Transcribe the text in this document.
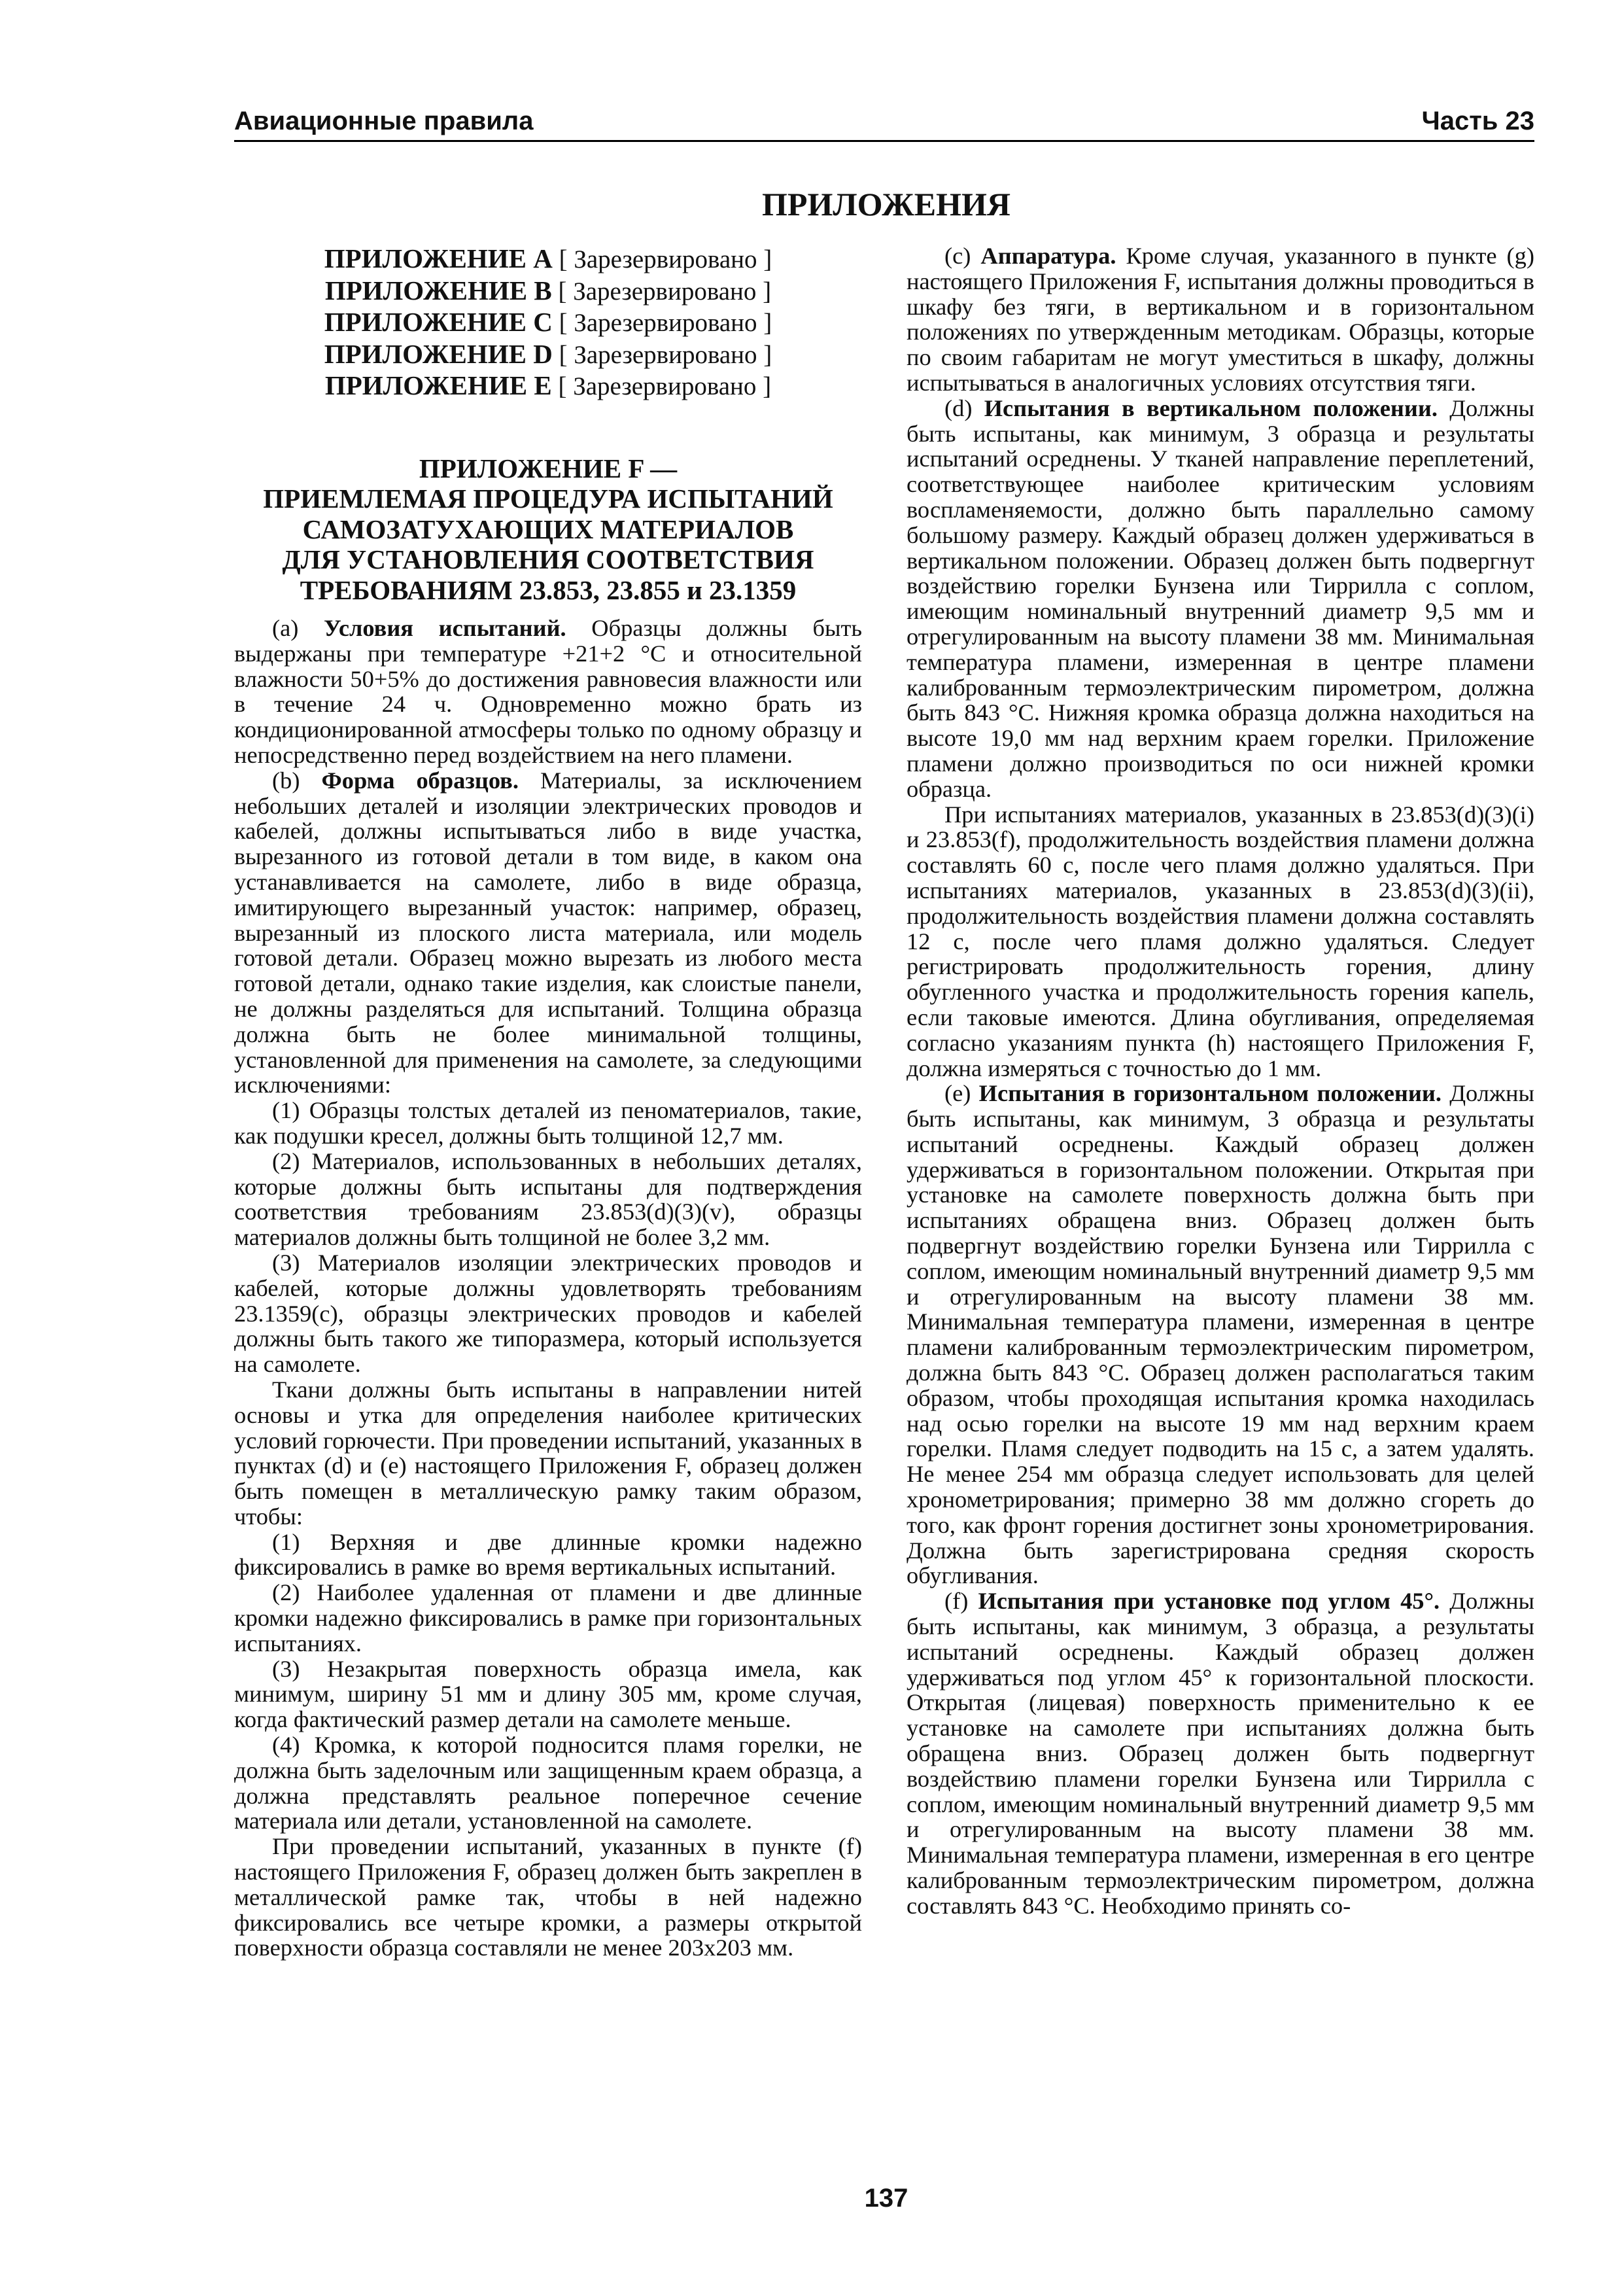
Авиационные правила	Часть 23
ПРИЛОЖЕНИЯ
ПРИЛОЖЕНИЕ A [ Зарезервировано ]
ПРИЛОЖЕНИЕ B [ Зарезервировано ]
ПРИЛОЖЕНИЕ C [ Зарезервировано ]
ПРИЛОЖЕНИЕ D [ Зарезервировано ]
ПРИЛОЖЕНИЕ E [ Зарезервировано ]
ПРИЛОЖЕНИЕ F —
ПРИЕМЛЕМАЯ ПРОЦЕДУРА ИСПЫТАНИЙ
САМОЗАТУХАЮЩИХ МАТЕРИАЛОВ
ДЛЯ УСТАНОВЛЕНИЯ СООТВЕТСТВИЯ
ТРЕБОВАНИЯМ 23.853, 23.855 и 23.1359

(a) Условия испытаний. Образцы должны быть выдержаны при температуре +21+2 °С и относительной влажности 50+5% до достижения равновесия влажности или в течение 24 ч. Одновременно можно брать из кондиционированной атмосферы только по одному образцу и непосредственно перед воздействием на него пламени.

(b) Форма образцов. Материалы, за исключением небольших деталей и изоляции электрических проводов и кабелей, должны испытываться либо в виде участка, вырезанного из готовой детали в том виде, в каком она устанавливается на самолете, либо в виде образца, имитирующего вырезанный участок: например, образец, вырезанный из плоского листа материала, или модель готовой детали. Образец можно вырезать из любого места готовой детали, однако такие изделия, как слоистые панели, не должны разделяться для испытаний. Толщина образца должна быть не более минимальной толщины, установленной для применения на самолете, за следующими исключениями:

(1) Образцы толстых деталей из пеноматериалов, такие, как подушки кресел, должны быть толщиной 12,7 мм.

(2) Материалов, использованных в небольших деталях, которые должны быть испытаны для подтверждения соответствия требованиям 23.853(d)(3)(v), образцы материалов должны быть толщиной не более 3,2 мм.

(3) Материалов изоляции электрических проводов и кабелей, которые должны удовлетворять требованиям 23.1359(c), образцы электрических проводов и кабелей должны быть такого же типоразмера, который используется на самолете.

Ткани должны быть испытаны в направлении нитей основы и утка для определения наиболее критических условий горючести. При проведении испытаний, указанных в пунктах (d) и (e) настоящего Приложения F, образец должен быть помещен в металлическую рамку таким образом, чтобы:

(1) Верхняя и две длинные кромки надежно фиксировались в рамке во время вертикальных испытаний.

(2) Наиболее удаленная от пламени и две длинные кромки надежно фиксировались в рамке при горизонтальных испытаниях.

(3) Незакрытая поверхность образца имела, как минимум, ширину 51 мм и длину 305 мм, кроме случая, когда фактический размер детали на самолете меньше.

(4) Кромка, к которой подносится пламя горелки, не должна быть заделочным или защищенным краем образца, а должна представлять реальное поперечное сечение материала или детали, установленной на самолете.

При проведении испытаний, указанных в пункте (f) настоящего Приложения F, образец должен быть закреплен в металлической рамке так, чтобы в ней надежно фиксировались все четыре кромки, а размеры открытой поверхности образца составляли не менее 203x203 мм.

(c) Аппаратура. Кроме случая, указанного в пункте (g) настоящего Приложения F, испытания должны проводиться в шкафу без тяги, в вертикальном и в горизонтальном положениях по утвержденным методикам. Образцы, которые по своим габаритам не могут уместиться в шкафу, должны испытываться в аналогичных условиях отсутствия тяги.

(d) Испытания в вертикальном положении. Должны быть испытаны, как минимум, 3 образца и результаты испытаний осреднены. У тканей направление переплетений, соответствующее наиболее критическим условиям воспламеняемости, должно быть параллельно самому большому размеру. Каждый образец должен удерживаться в вертикальном положении. Образец должен быть подвергнут воздействию горелки Бунзена или Тиррилла с соплом, имеющим номинальный внутренний диаметр 9,5 мм и отрегулированным на высоту пламени 38 мм. Минимальная температура пламени, измеренная в центре пламени калиброванным термоэлектрическим пирометром, должна быть 843 °С. Нижняя кромка образца должна находиться на высоте 19,0 мм над верхним краем горелки. Приложение пламени должно производиться по оси нижней кромки образца.

При испытаниях материалов, указанных в 23.853(d)(3)(i) и 23.853(f), продолжительность воздействия пламени должна составлять 60 с, после чего пламя должно удаляться. При испытаниях материалов, указанных в 23.853(d)(3)(ii), продолжительность воздействия пламени должна составлять 12 с, после чего пламя должно удаляться. Следует регистрировать продолжительность горения, длину обугленного участка и продолжительность горения капель, если таковые имеются. Длина обугливания, определяемая согласно указаниям пункта (h) настоящего Приложения F, должна измеряться с точностью до 1 мм.

(e) Испытания в горизонтальном положении. Должны быть испытаны, как минимум, 3 образца и результаты испытаний осреднены. Каждый образец должен удерживаться в горизонтальном положении. Открытая при установке на самолете поверхность должна быть при испытаниях обращена вниз. Образец должен быть подвергнут воздействию горелки Бунзена или Тиррилла с соплом, имеющим номинальный внутренний диаметр 9,5 мм и отрегулированным на высоту пламени 38 мм. Минимальная температура пламени, измеренная в центре пламени калиброванным термоэлектрическим пирометром, должна быть 843 °С. Образец должен располагаться таким образом, чтобы проходящая испытания кромка находилась над осью горелки на высоте 19 мм над верхним краем горелки. Пламя следует подводить на 15 с, а затем удалять. Не менее 254 мм образца следует использовать для целей хронометрирования; примерно 38 мм должно сгореть до того, как фронт горения достигнет зоны хронометрирования. Должна быть зарегистрирована средняя скорость обугливания.

(f) Испытания при установке под углом 45°. Должны быть испытаны, как минимум, 3 образца, а результаты испытаний осреднены. Каждый образец должен удерживаться под углом 45° к горизонтальной плоскости. Открытая (лицевая) поверхность применительно к ее установке на самолете при испытаниях должна быть обращена вниз. Образец должен быть подвергнут воздействию пламени горелки Бунзена или Тиррилла с соплом, имеющим номинальный внутренний диаметр 9,5 мм и отрегулированным на высоту пламени 38 мм. Минимальная температура пламени, измеренная в его центре калиброванным термоэлектрическим пирометром, должна составлять 843 °С. Необходимо принять со-

137
